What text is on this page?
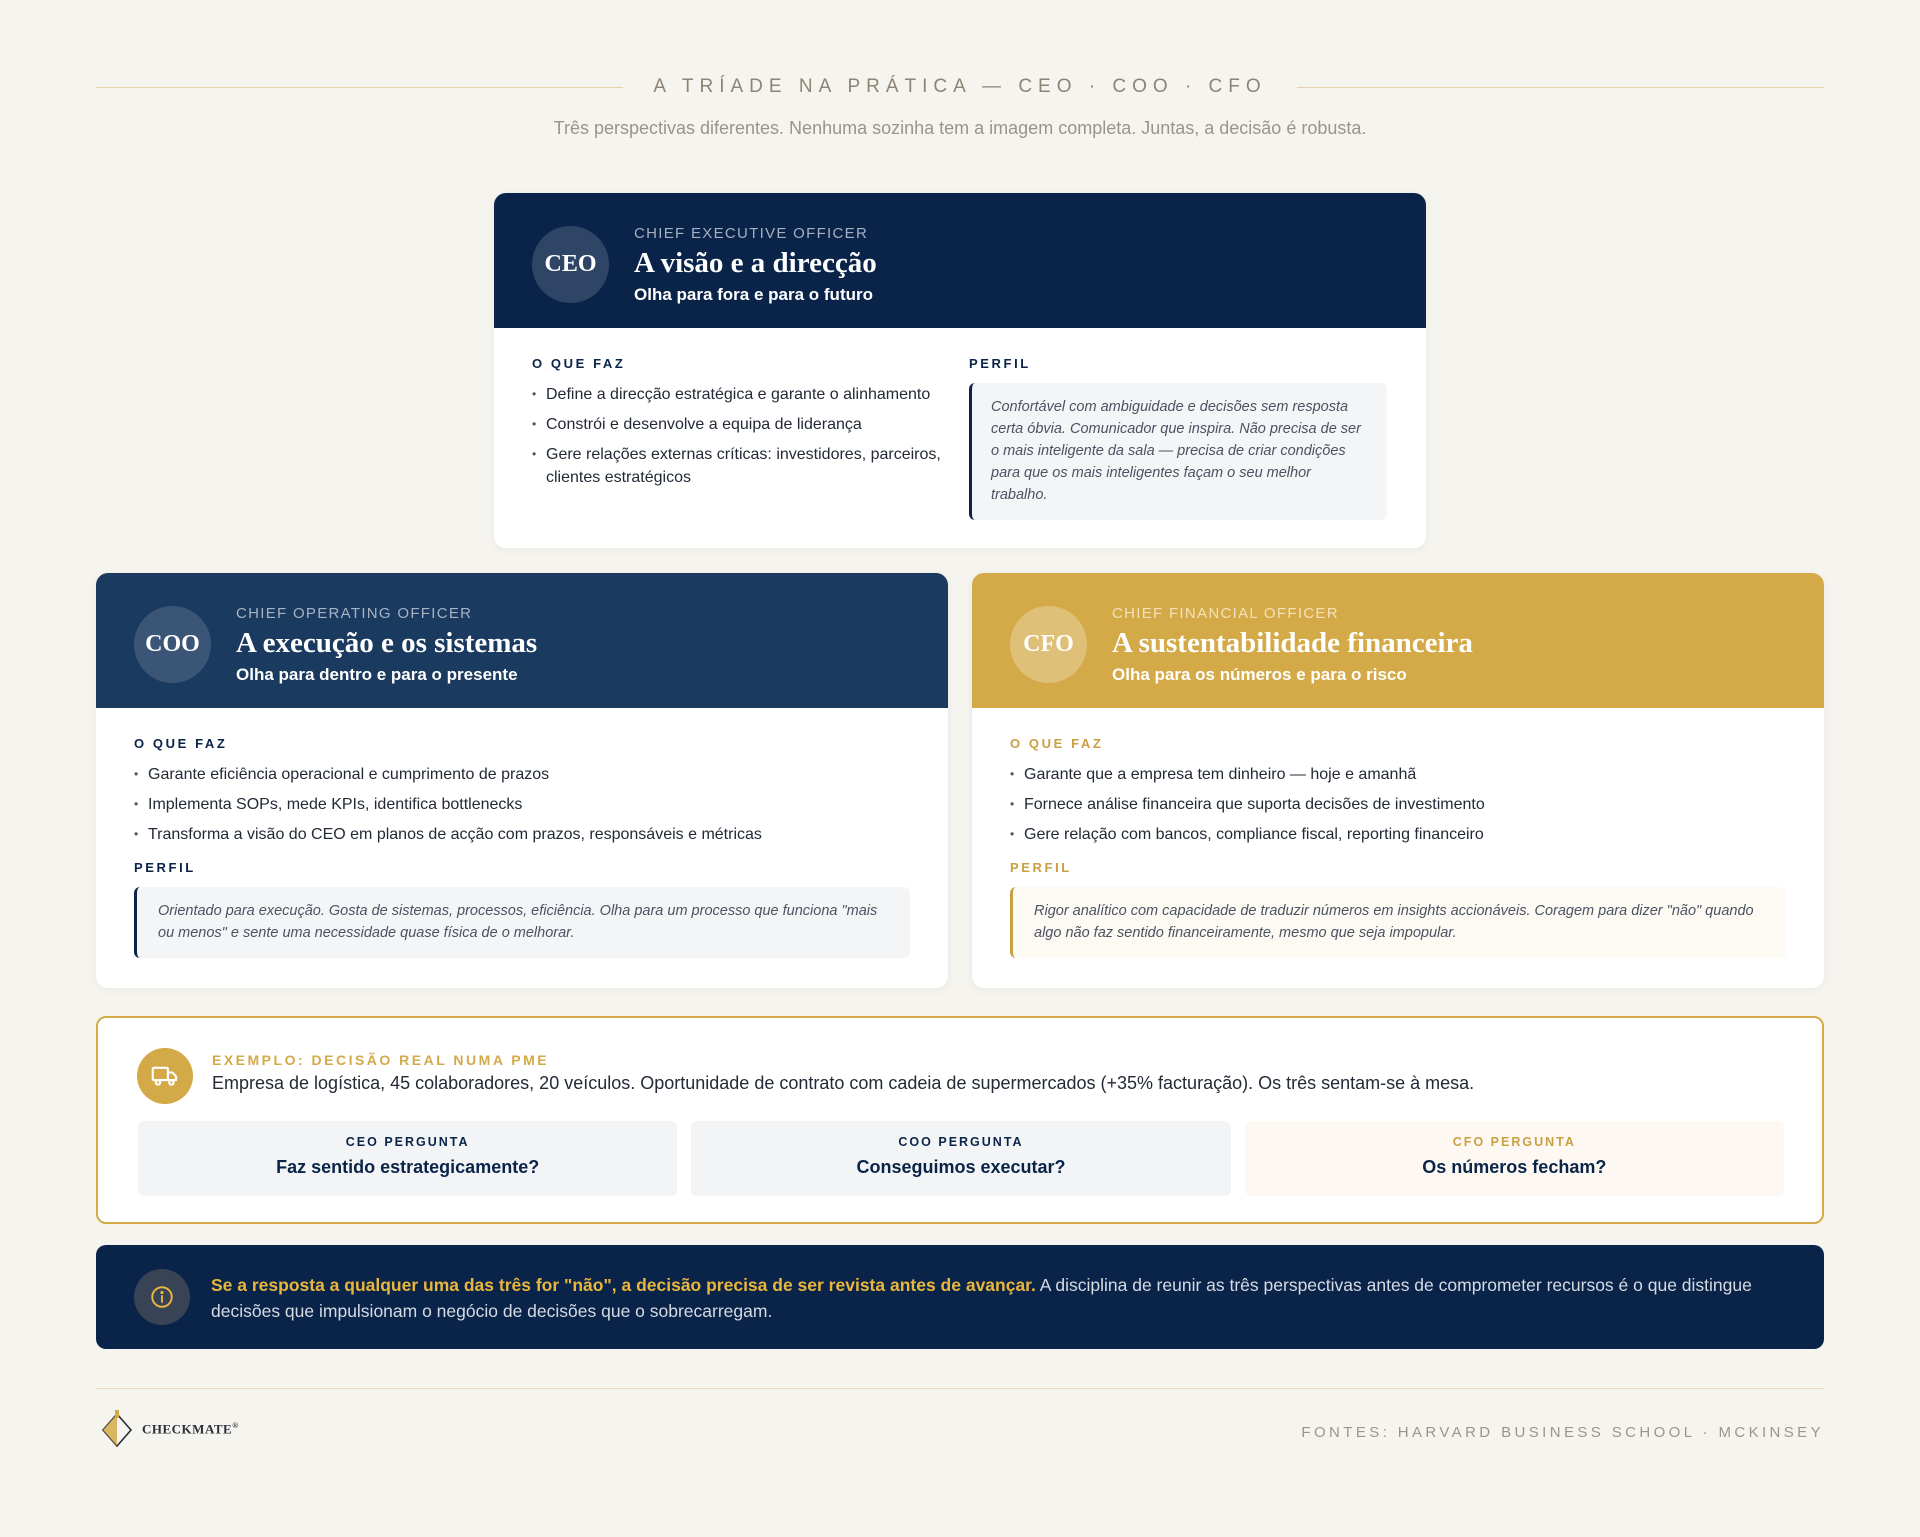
A TRÍADE NA PRÁTICA — CEO · COO · CFO
Três perspectivas diferentes. Nenhuma sozinha tem a imagem completa. Juntas, a decisão é robusta.
CEO
CHIEF EXECUTIVE OFFICER
A visão e a direcção
Olha para fora e para o futuro
O QUE FAZ
• Define a direcção estratégica e garante o alinhamento
• Constrói e desenvolve a equipa de liderança
• Gere relações externas críticas: investidores, parceiros, clientes estratégicos
PERFIL
Confortável com ambiguidade e decisões sem resposta certa óbvia. Comunicador que inspira. Não precisa de ser o mais inteligente da sala — precisa de criar condições para que os mais inteligentes façam o seu melhor trabalho.
COO
CHIEF OPERATING OFFICER
A execução e os sistemas
Olha para dentro e para o presente
O QUE FAZ
• Garante eficiência operacional e cumprimento de prazos
• Implementa SOPs, mede KPIs, identifica bottlenecks
• Transforma a visão do CEO em planos de acção com prazos, responsáveis e métricas
PERFIL
Orientado para execução. Gosta de sistemas, processos, eficiência. Olha para um processo que funciona "mais ou menos" e sente uma necessidade quase física de o melhorar.
CFO
CHIEF FINANCIAL OFFICER
A sustentabilidade financeira
Olha para os números e para o risco
O QUE FAZ
• Garante que a empresa tem dinheiro — hoje e amanhã
• Fornece análise financeira que suporta decisões de investimento
• Gere relação com bancos, compliance fiscal, reporting financeiro
PERFIL
Rigor analítico com capacidade de traduzir números em insights accionáveis. Coragem para dizer "não" quando algo não faz sentido financeiramente, mesmo que seja impopular.
EXEMPLO: DECISÃO REAL NUMA PME
Empresa de logística, 45 colaboradores, 20 veículos. Oportunidade de contrato com cadeia de supermercados (+35% facturação). Os três sentam-se à mesa.
CEO PERGUNTA
Faz sentido estrategicamente?
COO PERGUNTA
Conseguimos executar?
CFO PERGUNTA
Os números fecham?
Se a resposta a qualquer uma das três for "não", a decisão precisa de ser revista antes de avançar. A disciplina de reunir as três perspectivas antes de comprometer recursos é o que distingue decisões que impulsionam o negócio de decisões que o sobrecarregam.
CHECKMATE®	FONTES: HARVARD BUSINESS SCHOOL · MCKINSEY
